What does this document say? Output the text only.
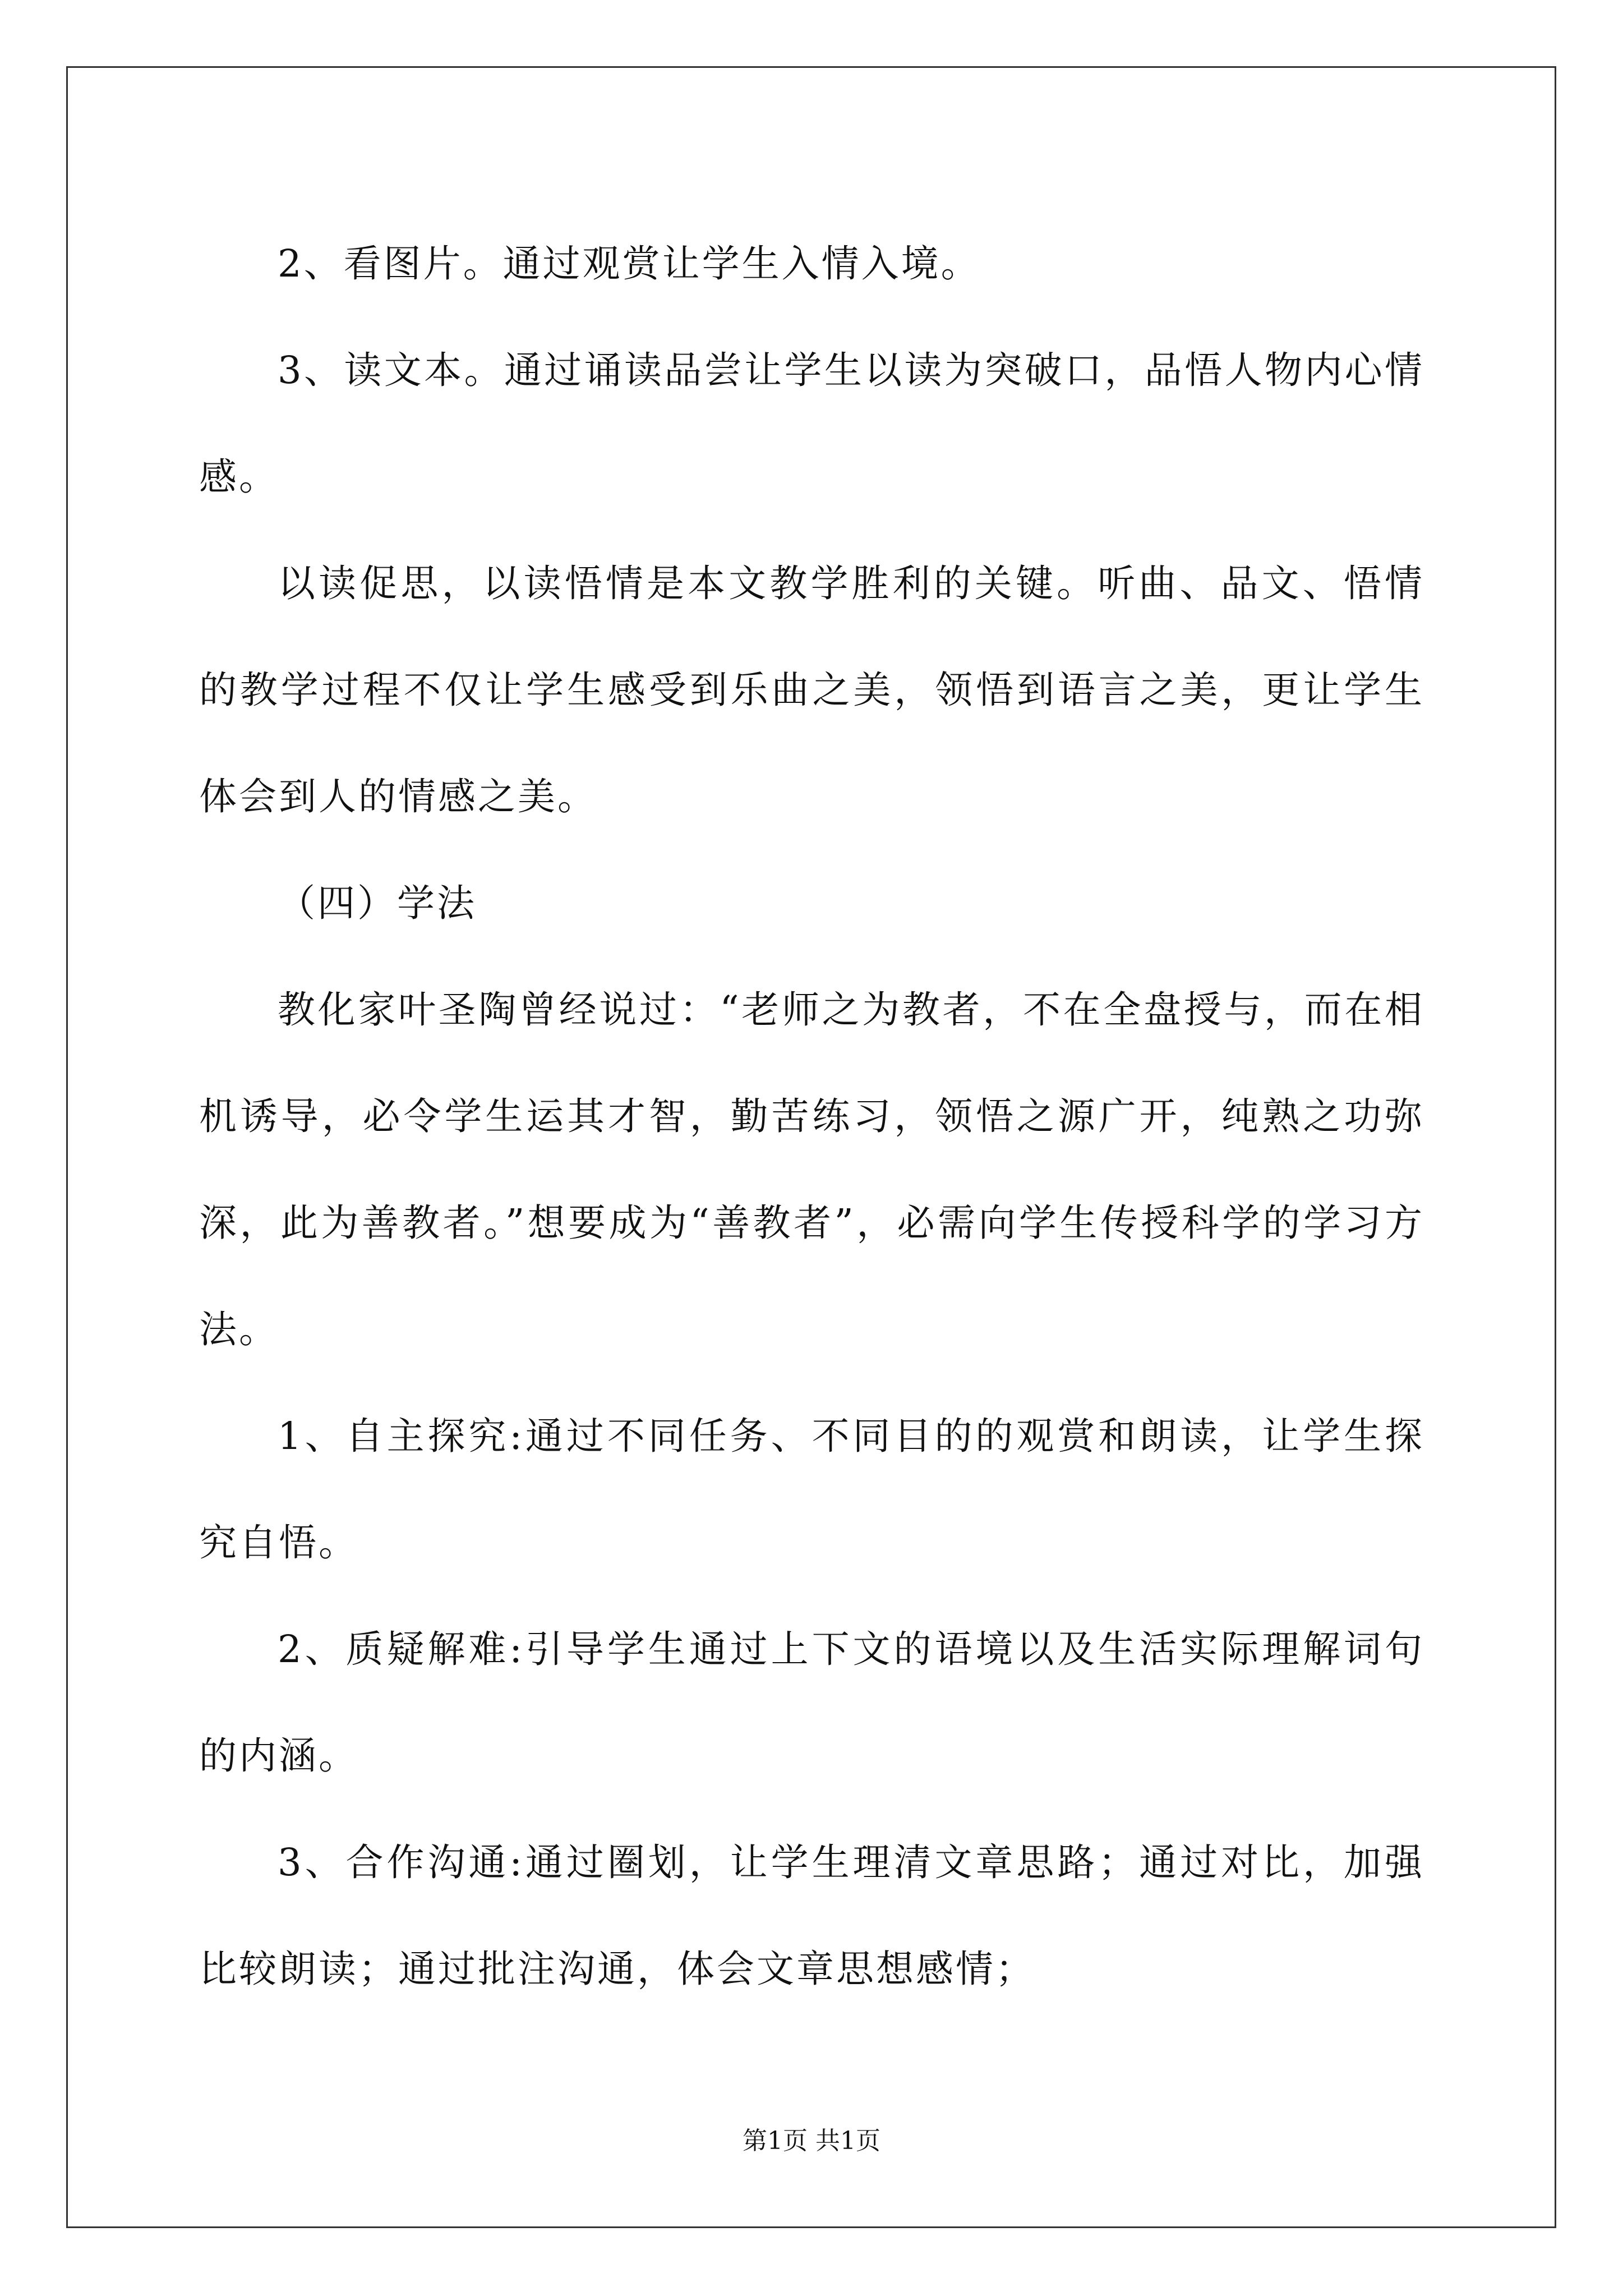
2、看图片。通过观赏让学生入情入境。

3、读文本。通过诵读品尝让学生以读为突破口，品悟人物内心情感。

以读促思，以读悟情是本文教学胜利的关键。听曲、品文、悟情的教学过程不仅让学生感受到乐曲之美，领悟到语言之美，更让学生体会到人的情感之美。

（四）学法

教化家叶圣陶曾经说过：“老师之为教者，不在全盘授与，而在相机诱导，必令学生运其才智，勤苦练习，领悟之源广开，纯熟之功弥深，此为善教者。”想要成为“善教者”，必需向学生传授科学的学习方法。

1、自主探究:通过不同任务、不同目的的观赏和朗读，让学生探究自悟。

2、质疑解难:引导学生通过上下文的语境以及生活实际理解词句的内涵。

3、合作沟通:通过圈划，让学生理清文章思路；通过对比，加强比较朗读；通过批注沟通，体会文章思想感情；

第1页 共1页
